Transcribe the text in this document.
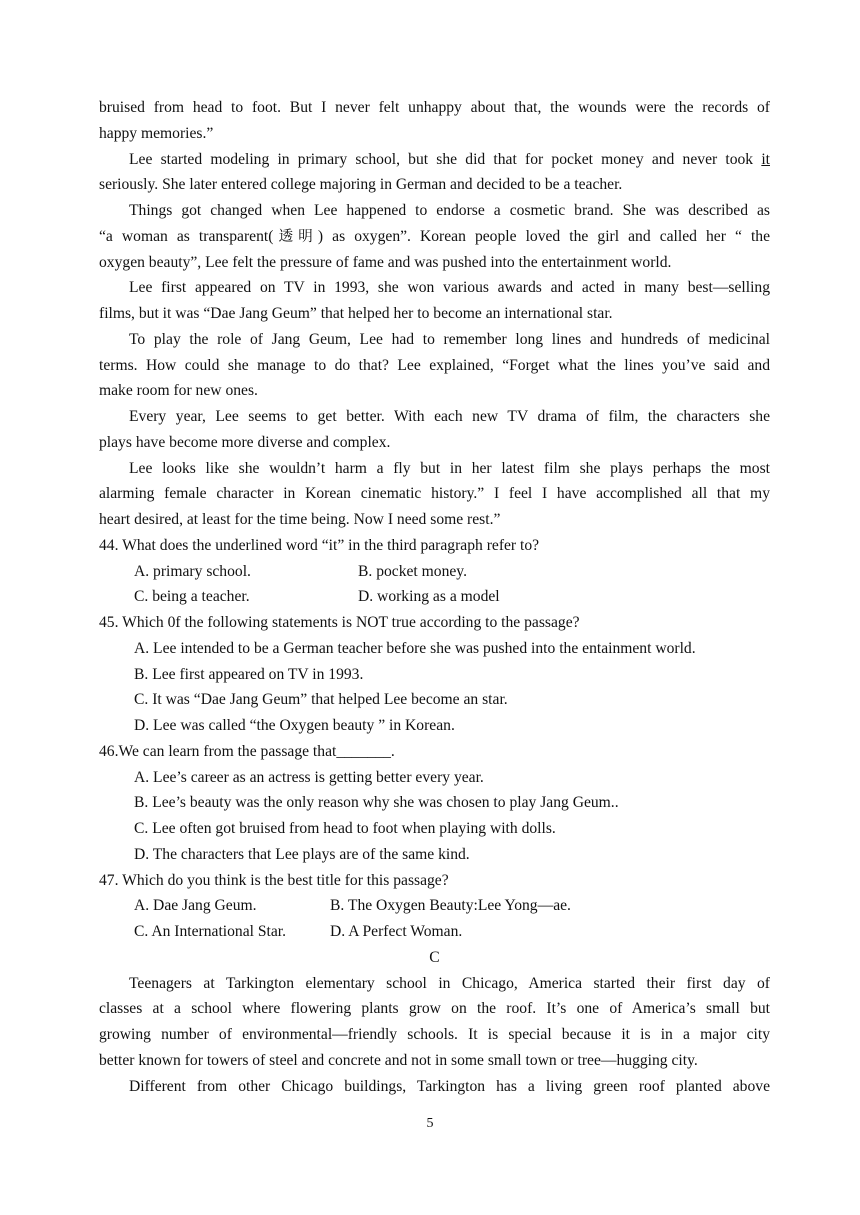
bruised from head to foot. But I never felt unhappy about that, the wounds were the records of
happy memories.”
Lee started modeling in primary school, but she did that for pocket money and never took it
seriously. She later entered college majoring in German and decided to be a teacher.
Things got changed when Lee happened to endorse a cosmetic brand. She was described as
“a woman as transparent(透明) as oxygen”. Korean people loved the girl and called her “ the
oxygen beauty”, Lee felt the pressure of fame and was pushed into the entertainment world.
Lee first appeared on TV in 1993, she won various awards and acted in many best—selling
films, but it was “Dae Jang Geum” that helped her to become an international star.
To play the role of Jang Geum, Lee had to remember long lines and hundreds of medicinal
terms. How could she manage to do that? Lee explained, “Forget what the lines you’ve said and
make room for new ones.
Every year, Lee seems to get better. With each new TV drama of film, the characters she
plays have become more diverse and complex.
Lee looks like she wouldn’t harm a fly but in her latest film she plays perhaps the most
alarming female character in Korean cinematic history.” I feel I have accomplished all that my
heart desired, at least for the time being. Now I need some rest.”
44. What does the underlined word “it” in the third paragraph refer to?
A. primary school.	B. pocket money.
C. being a teacher.	D. working as a model
45. Which 0f the following statements is NOT true according to the passage?
A. Lee intended to be a German teacher before she was pushed into the entainment world.
B. Lee first appeared on TV in 1993.
C. It was “Dae Jang Geum” that helped Lee become an star.
D. Lee was called “the Oxygen beauty ” in Korean.
46.We can learn from the passage that_______.
A. Lee’s career as an actress is getting better every year.
B. Lee’s beauty was the only reason why she was chosen to play Jang Geum..
C. Lee often got bruised from head to foot when playing with dolls.
D. The characters that Lee plays are of the same kind.
47. Which do you think is the best title for this passage?
A. Dae Jang Geum.	B. The Oxygen Beauty:Lee Yong—ae.
C. An International Star.	D. A Perfect Woman.
C
Teenagers at Tarkington elementary school in Chicago, America started their first day of
classes at a school where flowering plants grow on the roof. It’s one of America’s small but
growing number of environmental—friendly schools. It is special because it is in a major city
better known for towers of steel and concrete and not in some small town or tree—hugging city.
Different from other Chicago buildings, Tarkington has a living green roof planted above
5
